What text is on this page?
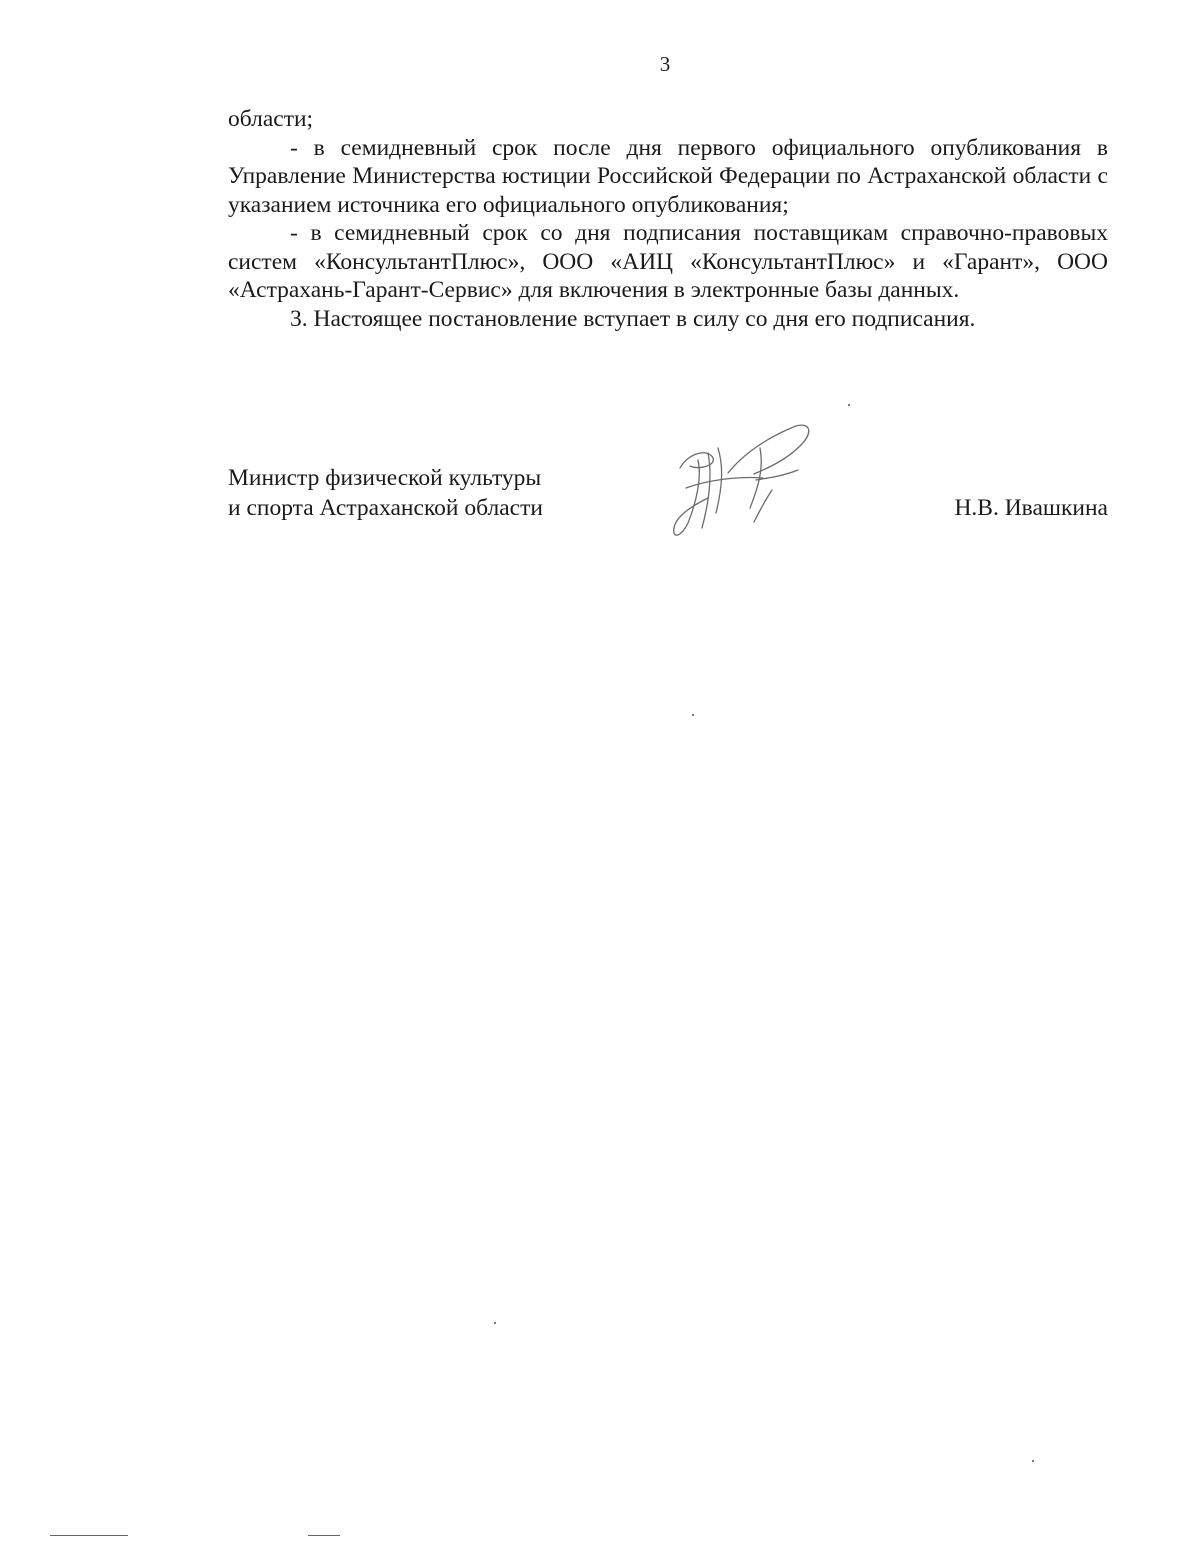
3

области;

- в семидневный срок после дня первого официального опубликования в Управление Министерства юстиции Российской Федерации по Астраханской области с указанием источника его официального опубликования;

- в семидневный срок со дня подписания поставщикам справочно-правовых систем «КонсультантПлюс», ООО «АИЦ «КонсультантПлюс» и «Гарант», ООО «Астрахань-Гарант-Сервис» для включения в электронные базы данных.

3. Настоящее постановление вступает в силу со дня его подписания.

Министр физической культуры
и спорта Астраханской области	Н.В. Ивашкина
